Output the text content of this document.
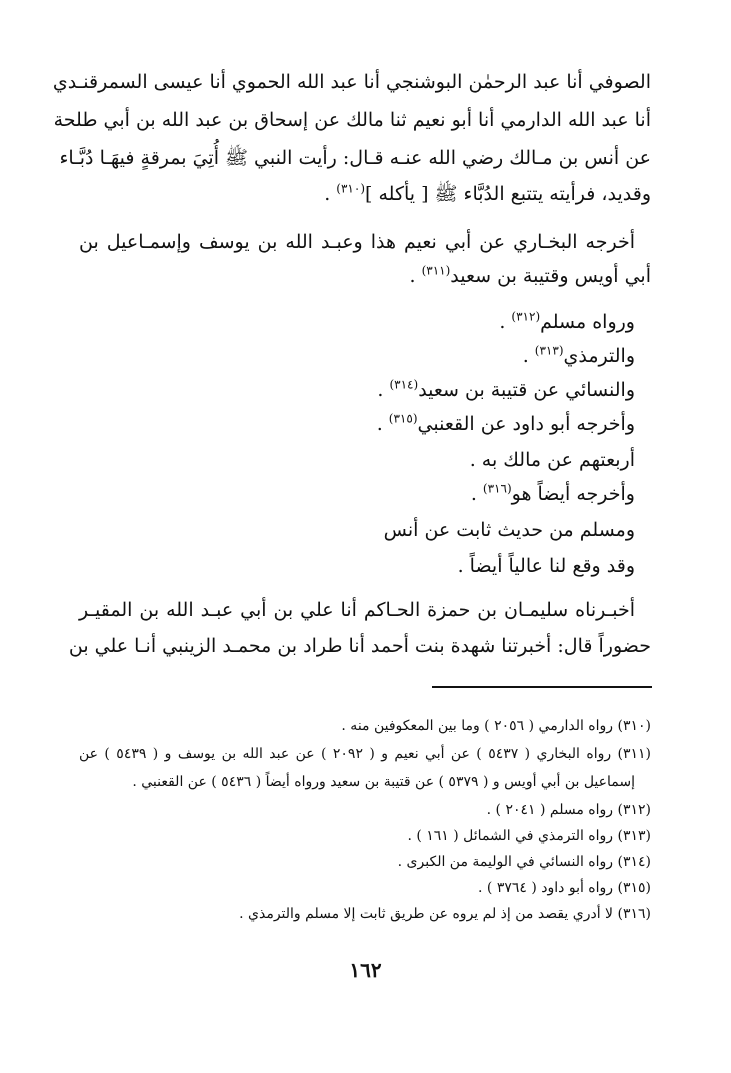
الصوفي أنا عبد الرحمٰن البوشنجي أنا عبد الله الحموي أنا عيسى السمرقنـدي
أنا عبد الله الدارمي أنا أبو نعيم ثنا مالك عن إسحاق بن عبد الله بن أبي طلحة
عن أنس بن مـالك رضي الله عنـه قـال: رأيت النبي ﷺ أُتِيَ بمرقةٍ فيهَـا دُبَّـاء
وقديد، فرأيته يتتبع الدُبَّاء ﷺ [ يأكله ]$^{(٣١٠)}$ .
أخرجه البخـاري عن أبي نعيم هذا وعبـد الله بن يوسف وإسمـاعيل بن
أبي أويس وقتيبة بن سعيد$^{(٣١١)}$ .
ورواه مسلم$^{(٣١٢)}$ .
والترمذي$^{(٣١٣)}$ .
والنسائي عن قتيبة بن سعيد$^{(٣١٤)}$ .
وأخرجه أبو داود عن القعنبي$^{(٣١٥)}$ .
أربعتهم عن مالك به .
وأخرجه أيضاً هو$^{(٣١٦)}$ .
ومسلم من حديث ثابت عن أنس
وقد وقع لنا عالياً أيضاً .
أخبـرناه سليمـان بن حمزة الحـاكم أنا علي بن أبي عبـد الله بن المقيـر
حضوراً قال: أخبرتنا شهدة بنت أحمد أنا طراد بن محمـد الزينبي أنـا علي بن
(٣١٠) رواه الدارمي ( ٢٠٥٦ ) وما بين المعكوفين منه .
(٣١١) رواه البخاري ( ٥٤٣٧ ) عن أبي نعيم و ( ٢٠٩٢ ) عن عبد الله بن يوسف و ( ٥٤٣٩ ) عن
إسماعيل بن أبي أويس و ( ٥٣٧٩ ) عن قتيبة بن سعيد ورواه أيضاً ( ٥٤٣٦ ) عن القعنبي .
(٣١٢) رواه مسلم ( ٢٠٤١ ) .
(٣١٣) رواه الترمذي في الشمائل ( ١٦١ ) .
(٣١٤) رواه النسائي في الوليمة من الكبرى .
(٣١٥) رواه أبو داود ( ٣٧٦٤ ) .
(٣١٦) لا أدري يقصد من إذ لم يروه عن طريق ثابت إلا مسلم والترمذي .
١٦٢
